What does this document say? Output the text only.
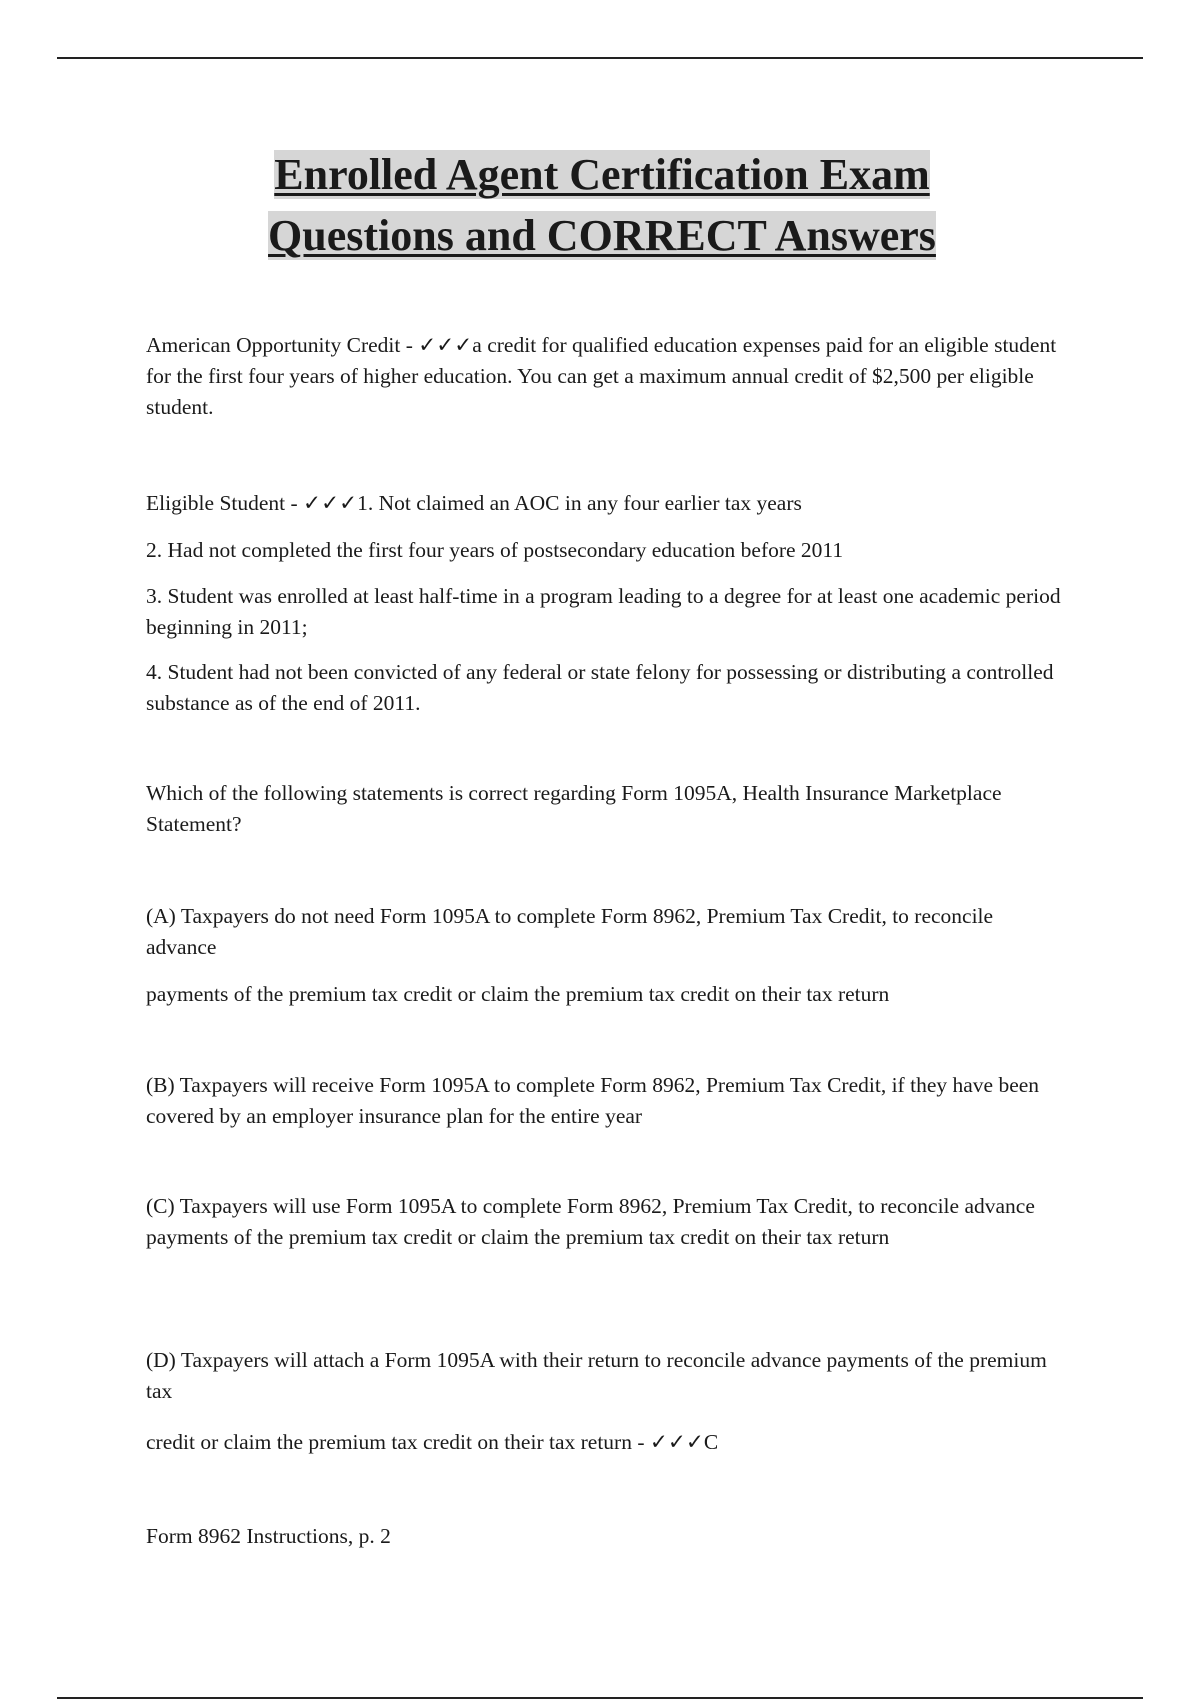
Enrolled Agent Certification Exam
Questions and CORRECT Answers

American Opportunity Credit - ✓✓✓a credit for qualified education expenses paid for an eligible student for the first four years of higher education. You can get a maximum annual credit of $2,500 per eligible student.

Eligible Student - ✓✓✓1. Not claimed an AOC in any four earlier tax years

2. Had not completed the first four years of postsecondary education before 2011

3. Student was enrolled at least half-time in a program leading to a degree for at least one academic period beginning in 2011;

4. Student had not been convicted of any federal or state felony for possessing or distributing a controlled substance as of the end of 2011.

Which of the following statements is correct regarding Form 1095A, Health Insurance Marketplace Statement?

(A) Taxpayers do not need Form 1095A to complete Form 8962, Premium Tax Credit, to reconcile advance

payments of the premium tax credit or claim the premium tax credit on their tax return

(B) Taxpayers will receive Form 1095A to complete Form 8962, Premium Tax Credit, if they have been covered by an employer insurance plan for the entire year

(C) Taxpayers will use Form 1095A to complete Form 8962, Premium Tax Credit, to reconcile advance payments of the premium tax credit or claim the premium tax credit on their tax return

(D) Taxpayers will attach a Form 1095A with their return to reconcile advance payments of the premium tax

credit or claim the premium tax credit on their tax return - ✓✓✓C

Form 8962 Instructions, p. 2
